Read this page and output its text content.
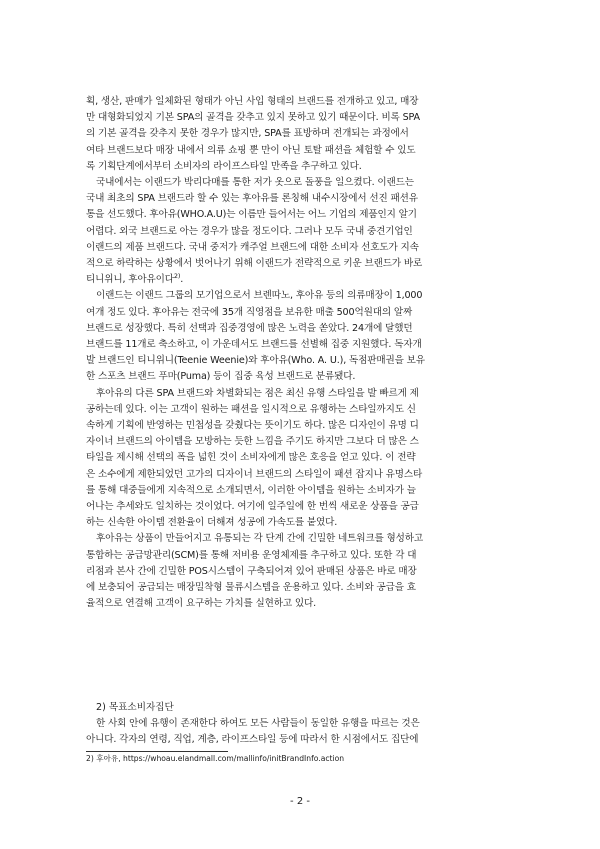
획, 생산, 판매가 일체화된 형태가 아닌 사입 형태의 브랜드를 전개하고 있고, 매장
만 대형화되었지 기본 SPA의 골격을 갖추고 있지 못하고 있기 때문이다. 비록 SPA
의 기본 골격을 갖추지 못한 경우가 많지만, SPA를 표방하며 전개되는 과정에서
여타 브랜드보다 매장 내에서 의류 쇼핑 뿐 만이 아닌 토탈 패션을 체험할 수 있도
록 기획단계에서부터 소비자의 라이프스타일 만족을 추구하고 있다.

국내에서는 이랜드가 박리다매를 통한 저가 옷으로 돌풍을 일으켰다. 이랜드는
국내 최초의 SPA 브랜드라 할 수 있는 후아유를 론칭해 내수시장에서 선진 패션유
통을 선도했다. 후아유(WHO.A.U)는 이름만 들어서는 어느 기업의 제품인지 알기
어렵다. 외국 브랜드로 아는 경우가 많을 정도이다. 그러나 모두 국내 중견기업인
이랜드의 제품 브랜드다. 국내 중저가 캐주얼 브랜드에 대한 소비자 선호도가 지속
적으로 하락하는 상황에서 벗어나기 위해 이랜드가 전략적으로 키운 브랜드가 바로
티니위니, 후아유이다$^{2)}$.

이랜드는 이랜드 그룹의 모기업으로서 브렌따노, 후아유 등의 의류매장이 1,000
여개 정도 있다. 후아유는 전국에 35개 직영점을 보유한 매출 500억원대의 알짜
브랜드로 성장했다. 특히 선택과 집중경영에 많은 노력을 쏟았다. 24개에 달했던
브랜드를 11개로 축소하고, 이 가운데서도 브랜드를 선별해 집중 지원했다. 독자개
발 브랜드인 티니위니(Teenie Weenie)와 후아유(Who. A. U.), 독점판매권을 보유
한 스포츠 브랜드 푸마(Puma) 등이 집중 육성 브랜드로 분류됐다.

후아유의 다른 SPA 브랜드와 차별화되는 점은 최신 유행 스타일을 발 빠르게 제
공하는데 있다. 이는 고객이 원하는 패션을 일시적으로 유행하는 스타일까지도 신
속하게 기획에 반영하는 민첩성을 갖췄다는 뜻이기도 하다. 많은 디자인이 유명 디
자이너 브랜드의 아이템을 모방하는 듯한 느낌을 주기도 하지만 그보다 더 많은 스
타일을 제시해 선택의 폭을 넓힌 것이 소비자에게 많은 호응을 얻고 있다. 이 전략
은 소수에게 제한되었던 고가의 디자이너 브랜드의 스타일이 패션 잡지나 유명스타
를 통해 대중들에게 지속적으로 소개되면서, 이러한 아이템을 원하는 소비자가 늘
어나는 추세와도 일치하는 것이었다. 여기에 일주일에 한 번씩 새로운 상품을 공급
하는 신속한 아이템 전환율이 더해져 성공에 가속도를 붙였다.

후아유는 상품이 만들어지고 유통되는 각 단계 간에 긴밀한 네트워크를 형성하고
통합하는 공급망관리(SCM)를 통해 저비용 운영체제를 추구하고 있다. 또한 각 대
리점과 본사 간에 긴밀한 POS시스템이 구축되어져 있어 판매된 상품은 바로 매장
에 보충되어 공급되는 매장밀착형 물류시스템을 운용하고 있다. 소비와 공급을 효
율적으로 연결해 고객이 요구하는 가치를 실현하고 있다.

2) 목표소비자집단

한 사회 안에 유행이 존재한다 하여도 모든 사람들이 동일한 유행을 따르는 것은
아니다. 각자의 연령, 직업, 계층, 라이프스타일 등에 따라서 한 시점에서도 집단에

2) 후아유, https://whoau.elandmall.com/mallinfo/initBrandInfo.action
- 2 -
